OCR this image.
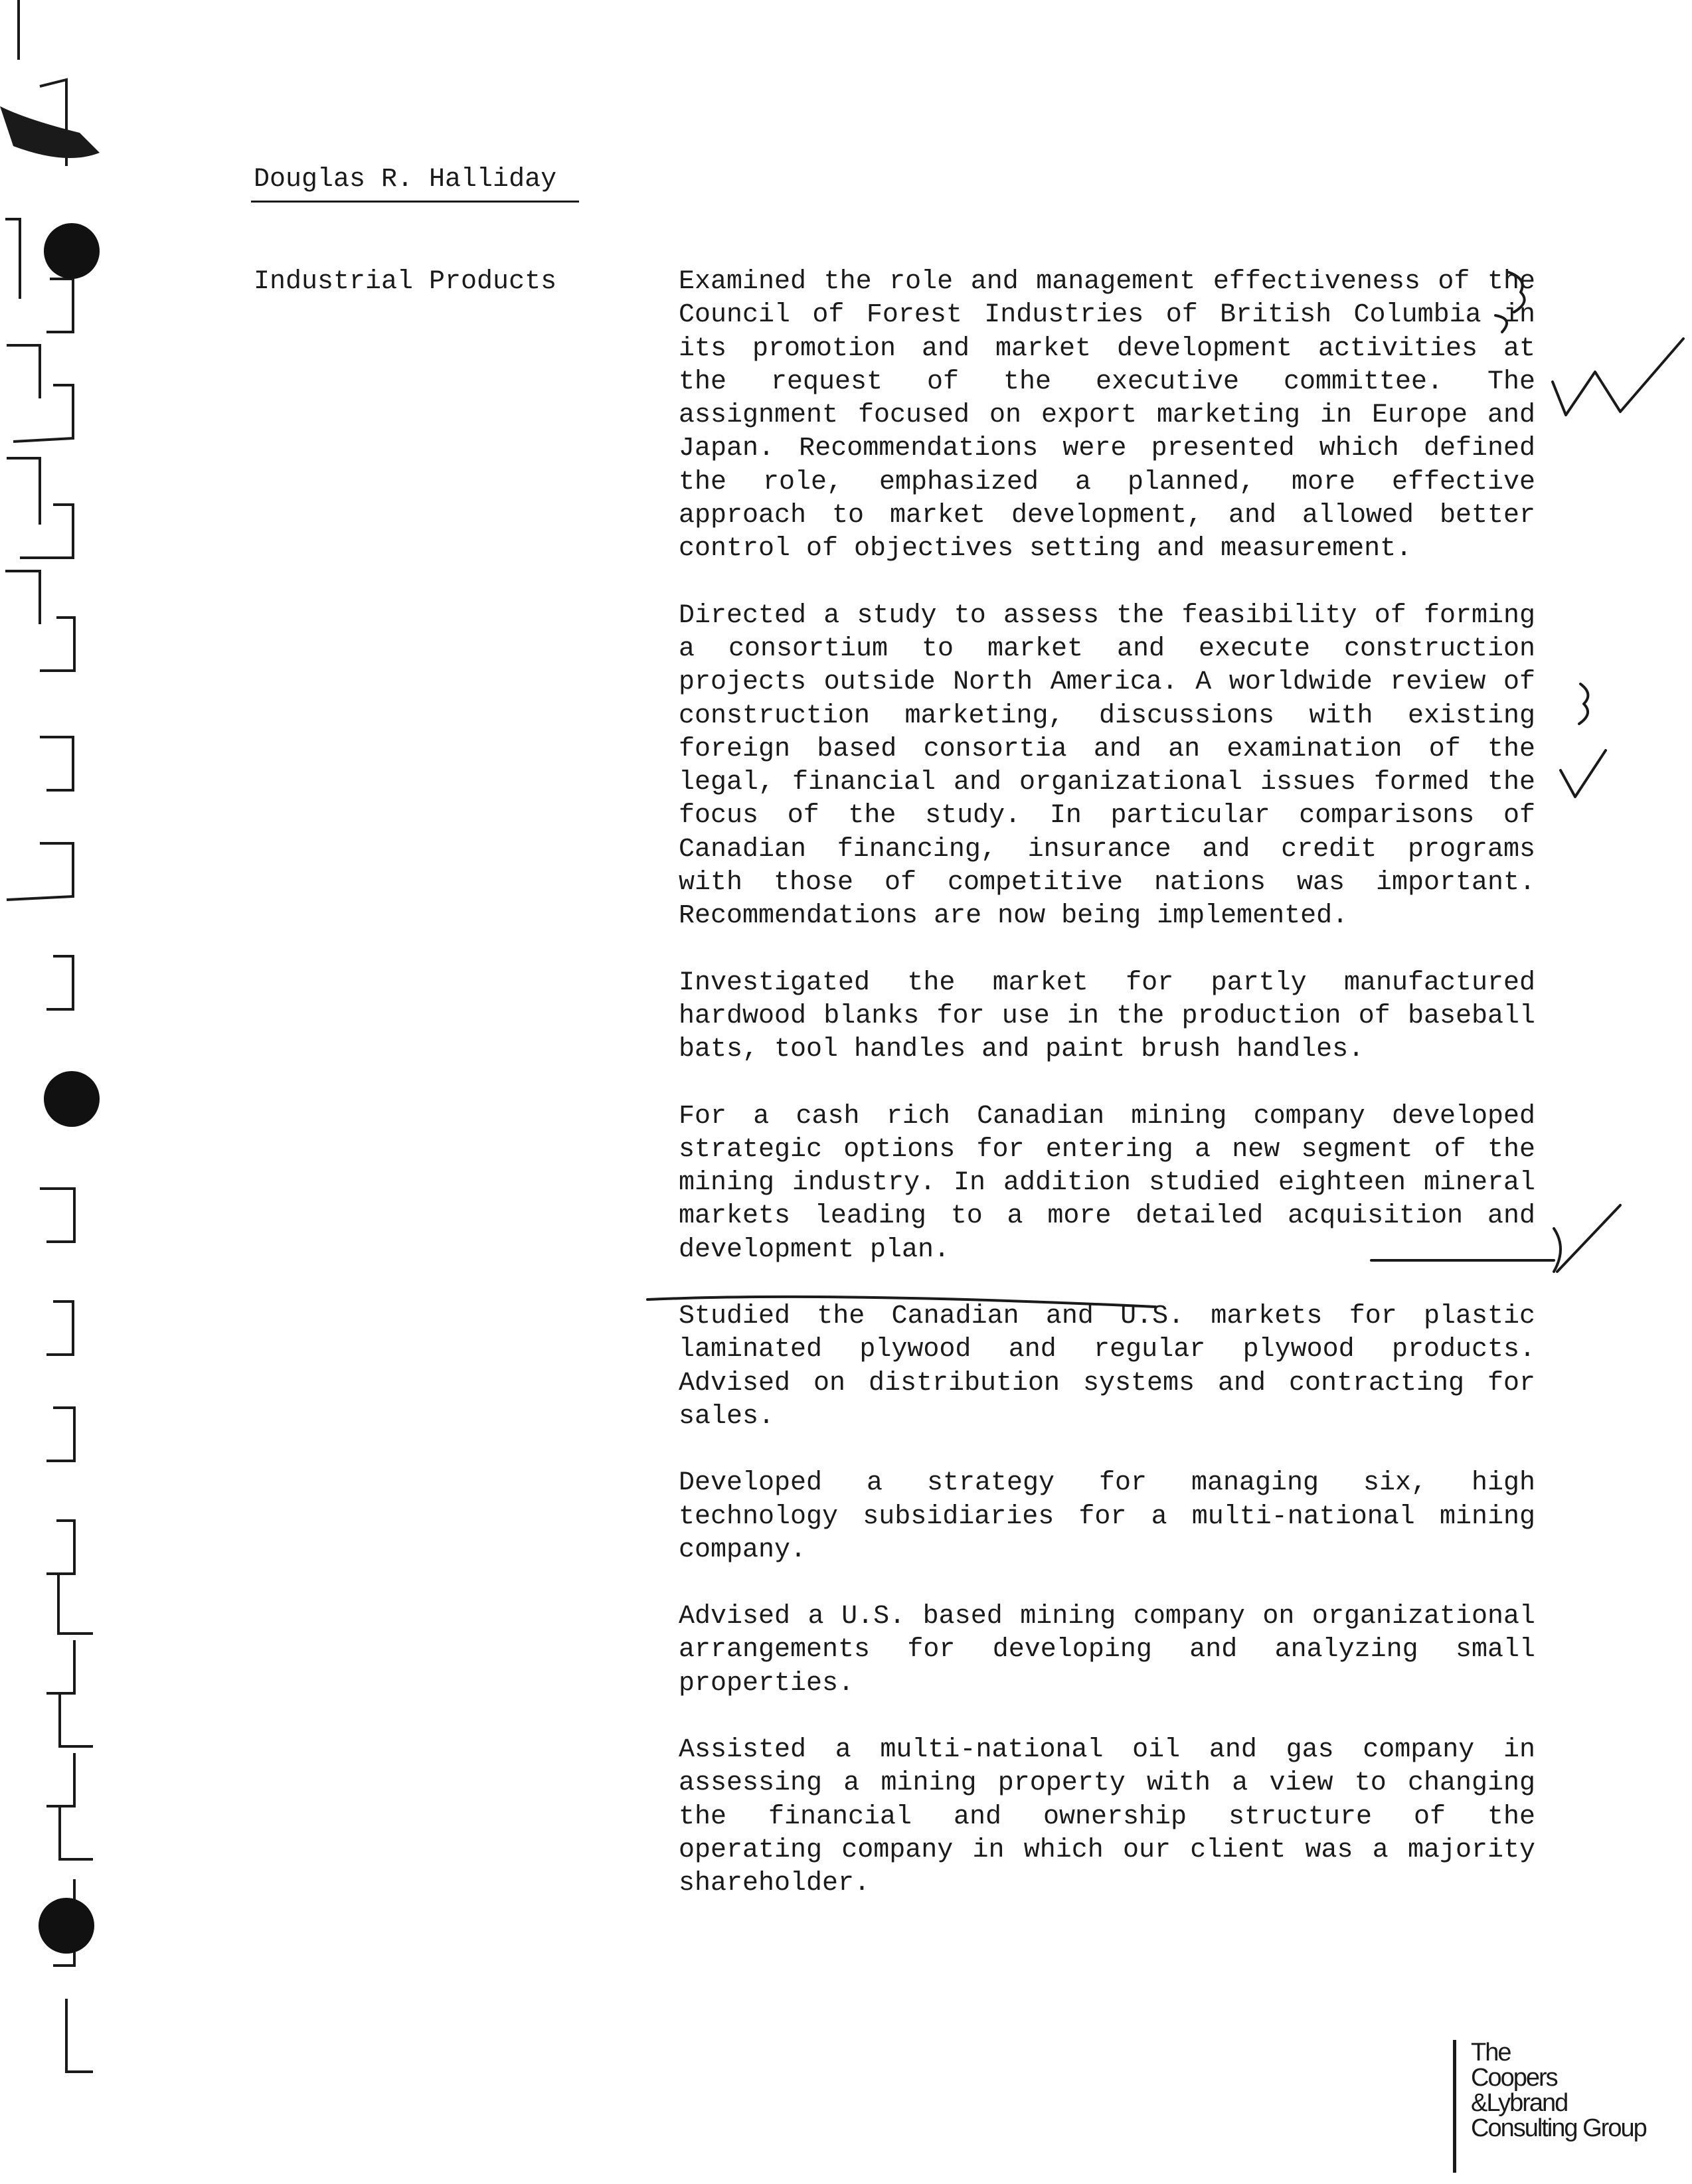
Douglas R. Halliday
Industrial Products	Examined the role and management effectiveness of the Council of Forest Industries of British Columbia in its promotion and market development activities at the request of the executive committee. The assignment focused on export marketing in Europe and Japan. Recommendations were presented which defined the role, emphasized a planned, more effective approach to market development, and allowed better control of objectives setting and measurement.

Directed a study to assess the feasibility of forming a consortium to market and execute construction projects outside North America. A worldwide review of construction marketing, discussions with existing foreign based consortia and an examination of the legal, financial and organizational issues formed the focus of the study. In particular comparisons of Canadian financing, insurance and credit programs with those of competitive nations was important. Recommendations are now being implemented.

Investigated the market for partly manufactured hardwood blanks for use in the production of baseball bats, tool handles and paint brush handles.

For a cash rich Canadian mining company developed strategic options for entering a new segment of the mining industry. In addition studied eighteen mineral markets leading to a more detailed acquisition and development plan.

Studied the Canadian and U.S. markets for plastic laminated plywood and regular plywood products. Advised on distribution systems and contracting for sales.

Developed a strategy for managing six, high technology subsidiaries for a multi-national mining company.

Advised a U.S. based mining company on organizational arrangements for developing and analyzing small properties.

Assisted a multi-national oil and gas company in assessing a mining property with a view to changing the financial and ownership structure of the operating company in which our client was a majority shareholder.

The
Coopers
&Lybrand
Consulting Group
